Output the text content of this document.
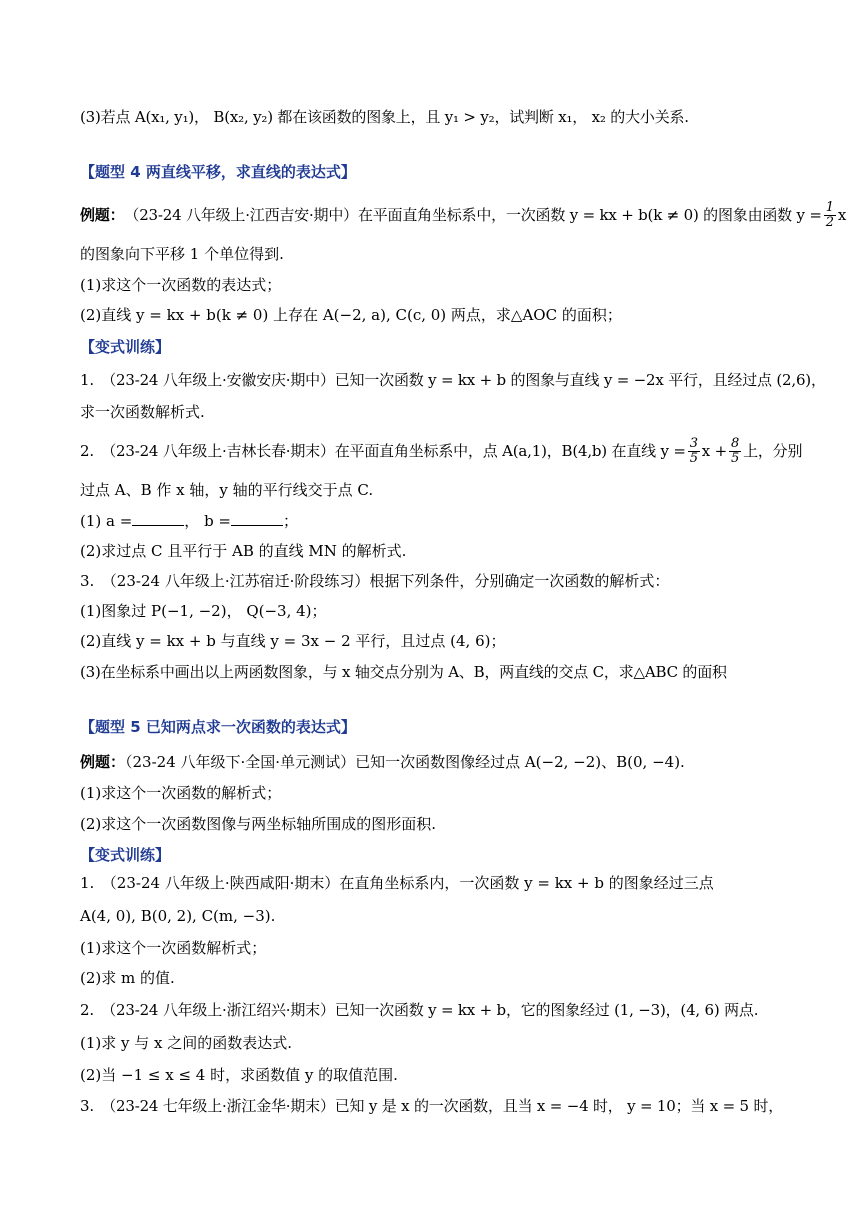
(3)若点 A(x₁, y₁)， B(x₂, y₂) 都在该函数的图象上，且 y₁ > y₂，试判断 x₁， x₂ 的大小关系.
【题型 4 两直线平移，求直线的表达式】
例题： （23-24 八年级上·江西吉安·期中）在平面直角坐标系中，一次函数 y = kx + b(k ≠ 0) 的图象由函数 $y = \frac{1}{2}$ x
的图象向下平移 1 个单位得到.
(1)求这个一次函数的表达式；
(2)直线 y = kx + b(k ≠ 0) 上存在 A(−2, a), C(c, 0) 两点，求△AOC 的面积；
【变式训练】
1.　（23-24 八年级上·安徽安庆·期中）已知一次函数 y = kx + b 的图象与直线 y = −2x 平行，且经过点 (2,6)，
求一次函数解析式.
2.　（23-24 八年级上·吉林长春·期末）在平面直角坐标系中，点 A(a,1)，B(4,b) 在直线 $y = \frac{3}{5}$ $x + \frac{8}{5}$ 上，分别
过点 A、B 作 x 轴，y 轴的平行线交于点 C.
(1) a =	， b =	；
(2)求过点 C 且平行于 AB 的直线 MN 的解析式.
3.　（23-24 八年级上·江苏宿迁·阶段练习）根据下列条件，分别确定一次函数的解析式：
(1)图象过 P(−1, −2)， Q(−3, 4)；
(2)直线 y = kx + b 与直线 y = 3x − 2 平行，且过点 (4, 6)；
(3)在坐标系中画出以上两函数图象，与 x 轴交点分别为 A、B，两直线的交点 C，求△ABC 的面积
【题型 5 已知两点求一次函数的表达式】
例题：（23-24 八年级下·全国·单元测试）已知一次函数图像经过点 A(−2, −2)、B(0, −4).
(1)求这个一次函数的解析式；
(2)求这个一次函数图像与两坐标轴所围成的图形面积.
【变式训练】
1.　（23-24 八年级上·陕西咸阳·期末）在直角坐标系内，一次函数 y = kx + b 的图象经过三点
A(4, 0), B(0, 2), C(m, −3).
(1)求这个一次函数解析式；
(2)求 m 的值.
2.　（23-24 八年级上·浙江绍兴·期末）已知一次函数 y = kx + b，它的图象经过 (1, −3)，(4, 6) 两点.
(1)求 y 与 x 之间的函数表达式.
(2)当 −1 ≤ x ≤ 4 时，求函数值 y 的取值范围.
3.　（23-24 七年级上·浙江金华·期末）已知 y 是 x 的一次函数，且当 x = −4 时， y = 10；当 x = 5 时，
